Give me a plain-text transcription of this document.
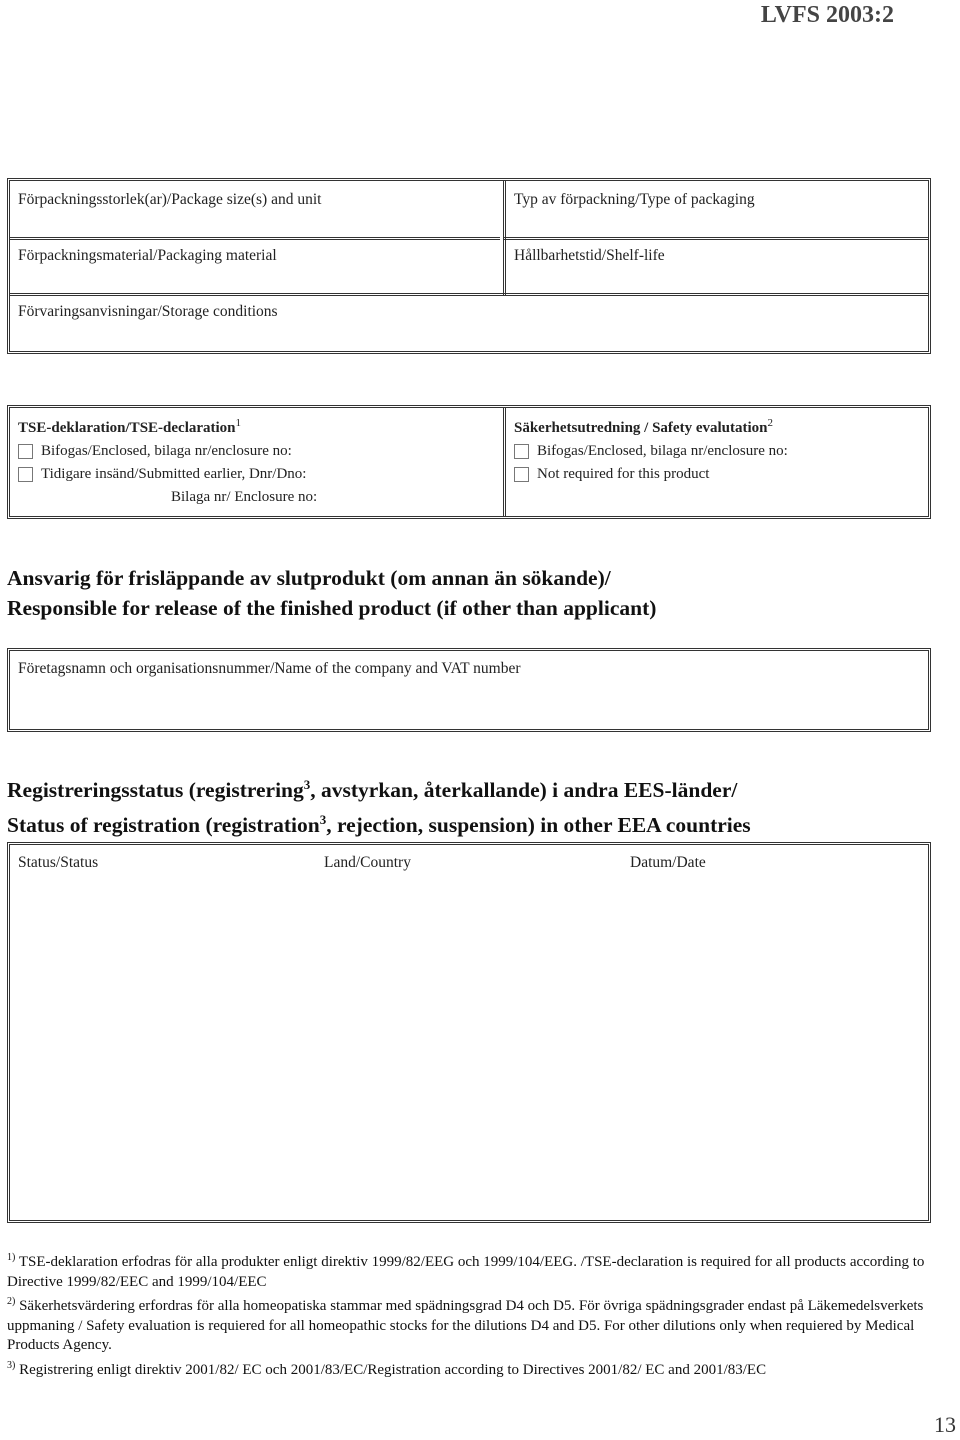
LVFS 2003:2
Förpackningsstorlek(ar)/Package size(s) and unit	Typ av förpackning/Type of packaging
Förpackningsmaterial/Packaging material	Hållbarhetstid/Shelf-life
Förvaringsanvisningar/Storage conditions
TSE-deklaration/TSE-declaration$^1$
Bifogas/Enclosed, bilaga nr/enclosure no:
Tidigare insänd/Submitted earlier, Dnr/Dno:
Bilaga nr/ Enclosure no:
Säkerhetsutredning / Safety evalutation$^2$
Bifogas/Enclosed, bilaga nr/enclosure no:
Not required for this product
Ansvarig för frisläppande av slutprodukt (om annan än sökande)/
Responsible for release of the finished product (if other than applicant)
Företagsnamn och organisationsnummer/Name of the company and VAT number
Registreringsstatus (registrering$^3$, avstyrkan, återkallande) i andra EES-länder/
Status of registration (registration$^3$, rejection, suspension) in other EEA countries
Status/Status	Land/Country	Datum/Date

$^{1)}$ TSE-deklaration erfodras för alla produkter enligt direktiv 1999/82/EEG och 1999/104/EEG. /TSE-declaration is required for all products according to Directive 1999/82/EEC and 1999/104/EEC

$^{2)}$ Säkerhetsvärdering erfordras för alla homeopatiska stammar med spädningsgrad D4 och D5. För övriga spädningsgrader endast på Läkemedelsverkets uppmaning / Safety evaluation is requiered for all homeopathic stocks for the dilutions D4 and D5. For other dilutions only when requiered by Medical Products Agency.

$^{3)}$ Registrering enligt direktiv 2001/82/ EC och 2001/83/EC/Registration according to Directives 2001/82/ EC and 2001/83/EC

13
